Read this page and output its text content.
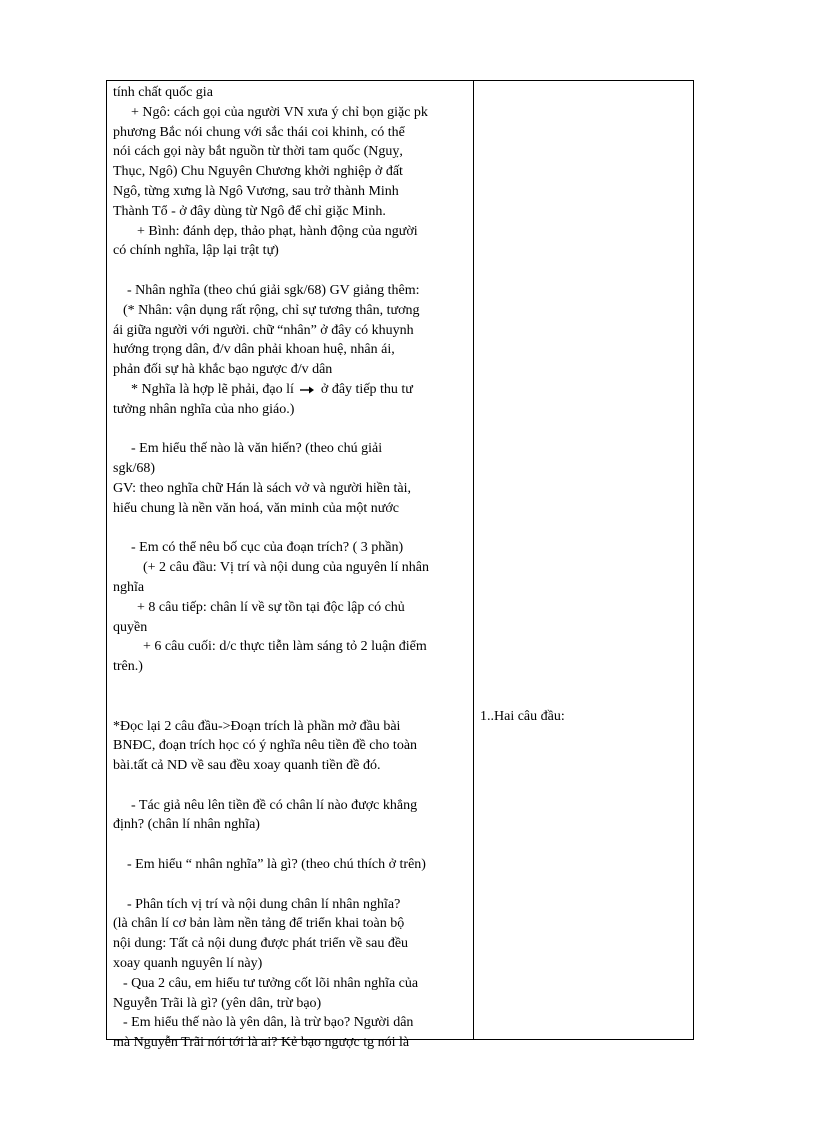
tính chất quốc gia
+ Ngô: cách gọi của người VN xưa ý chỉ bọn giặc pk
phương Bắc nói chung với sắc thái coi khinh, có thể
nói cách gọi này bắt nguồn từ thời tam quốc (Nguỵ,
Thục, Ngô) Chu Nguyên Chương khởi nghiệp ở đất
Ngô, từng xưng là Ngô Vương, sau trở thành Minh
Thành Tổ - ở đây dùng từ Ngô để chỉ giặc Minh.
+ Bình: đánh dẹp, thảo phạt, hành động của người
có chính nghĩa, lập lại trật tự)
- Nhân nghĩa (theo chú giải sgk/68) GV giảng thêm:
(* Nhân: vận dụng rất rộng, chỉ sự tương thân, tương
ái giữa người với người. chữ “nhân” ở đây có khuynh
hướng trọng dân, đ/v dân phải khoan huệ, nhân ái,
phản đối sự hà khắc bạo ngược đ/v dân
* Nghĩa là hợp lẽ phải, đạo lí ở đây tiếp thu tư
tưởng nhân nghĩa của nho giáo.)
- Em hiểu thế nào là văn hiến? (theo chú giải
sgk/68)
GV: theo nghĩa chữ Hán là sách vở và người hiền tài,
hiểu chung là nền văn hoá, văn minh của một nước
- Em có thể nêu bố cục của đoạn trích? ( 3 phần)
(+ 2 câu đầu: Vị trí và nội dung của nguyên lí nhân
nghĩa
+ 8 câu tiếp: chân lí về sự tồn tại độc lập có chủ
quyền
+ 6 câu cuối: d/c thực tiễn làm sáng tỏ 2 luận điểm
trên.)
*Đọc lại 2 câu đầu->Đoạn trích là phần mở đầu bài
BNĐC, đoạn trích học có ý nghĩa nêu tiền đề cho toàn
bài.tất cả ND về sau đều xoay quanh tiền đề đó.
- Tác giả nêu lên tiền đề có chân lí nào được khẳng
định? (chân lí nhân nghĩa)
- Em hiểu “ nhân nghĩa” là gì? (theo chú thích ở trên)
- Phân tích vị trí và nội dung chân lí nhân nghĩa?
(là chân lí cơ bản làm nền tảng để triển khai toàn bộ
nội dung: Tất cả nội dung được phát triển về sau đều
xoay quanh nguyên lí này)
- Qua 2 câu, em hiểu tư tưởng cốt lõi nhân nghĩa của
Nguyễn Trãi là gì? (yên dân, trừ bạo)
- Em hiểu thế nào là yên dân, là trừ bạo? Người dân
mà Nguyễn Trãi nói tới là ai? Kẻ bạo ngược tg nói là
1..Hai câu đầu:
